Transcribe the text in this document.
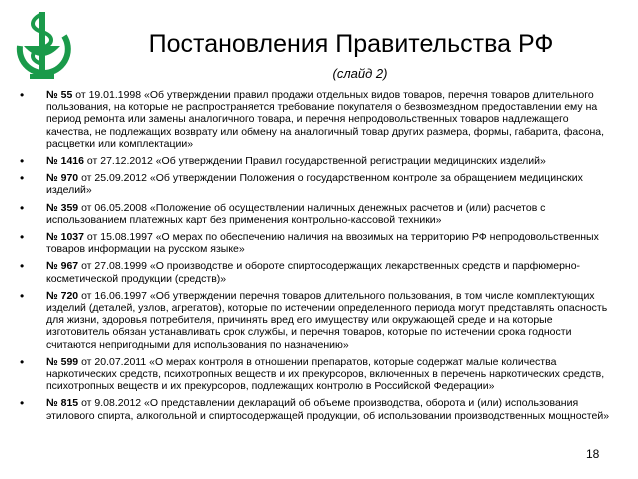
Постановления Правительства РФ
(слайд 2)
• № 55 от 19.01.1998 «Об утверждении правил продажи отдельных видов товаров, перечня товаров длительного пользования, на которые не распространяется требование покупателя о безвозмездном предоставлении ему на период ремонта или замены аналогичного товара, и перечня непродовольственных товаров надлежащего качества, не подлежащих возврату или обмену на аналогичный товар других размера, формы, габарита, фасона, расцветки или комплектации»
• № 1416 от 27.12.2012 «Об утверждении Правил государственной регистрации медицинских изделий»
• № 970 от 25.09.2012 «Об утверждении Положения о государственном контроле за обращением медицинских изделий»
• № 359 от 06.05.2008 «Положение об осуществлении наличных денежных расчетов и (или) расчетов с использованием платежных карт без применения контрольно-кассовой техники»
• № 1037 от 15.08.1997 «О мерах по обеспечению наличия на ввозимых на территорию РФ непродовольственных товаров информации на русском языке»
• № 967 от 27.08.1999 «О производстве и обороте спиртосодержащих лекарственных средств и парфюмерно-косметической продукции (средств)»
• № 720 от 16.06.1997 «Об утверждении перечня товаров длительного пользования, в том числе комплектующих изделий (деталей, узлов, агрегатов), которые по истечении определенного периода могут представлять опасность для жизни, здоровья потребителя, причинять вред его имуществу или окружающей среде и на которые изготовитель обязан устанавливать срок службы, и перечня товаров, которые по истечении срока годности считаются непригодными для использования по назначению»
• № 599 от 20.07.2011 «О мерах контроля в отношении препаратов, которые содержат малые количества наркотических средств, психотропных веществ и их прекурсоров, включенных в перечень наркотических средств, психотропных веществ и их прекурсоров, подлежащих контролю в Российской Федерации»
• № 815 от 9.08.2012 «О представлении деклараций об объеме производства, оборота и (или) использования этилового спирта, алкогольной и спиртосодержащей продукции, об использовании производственных мощностей»
18
